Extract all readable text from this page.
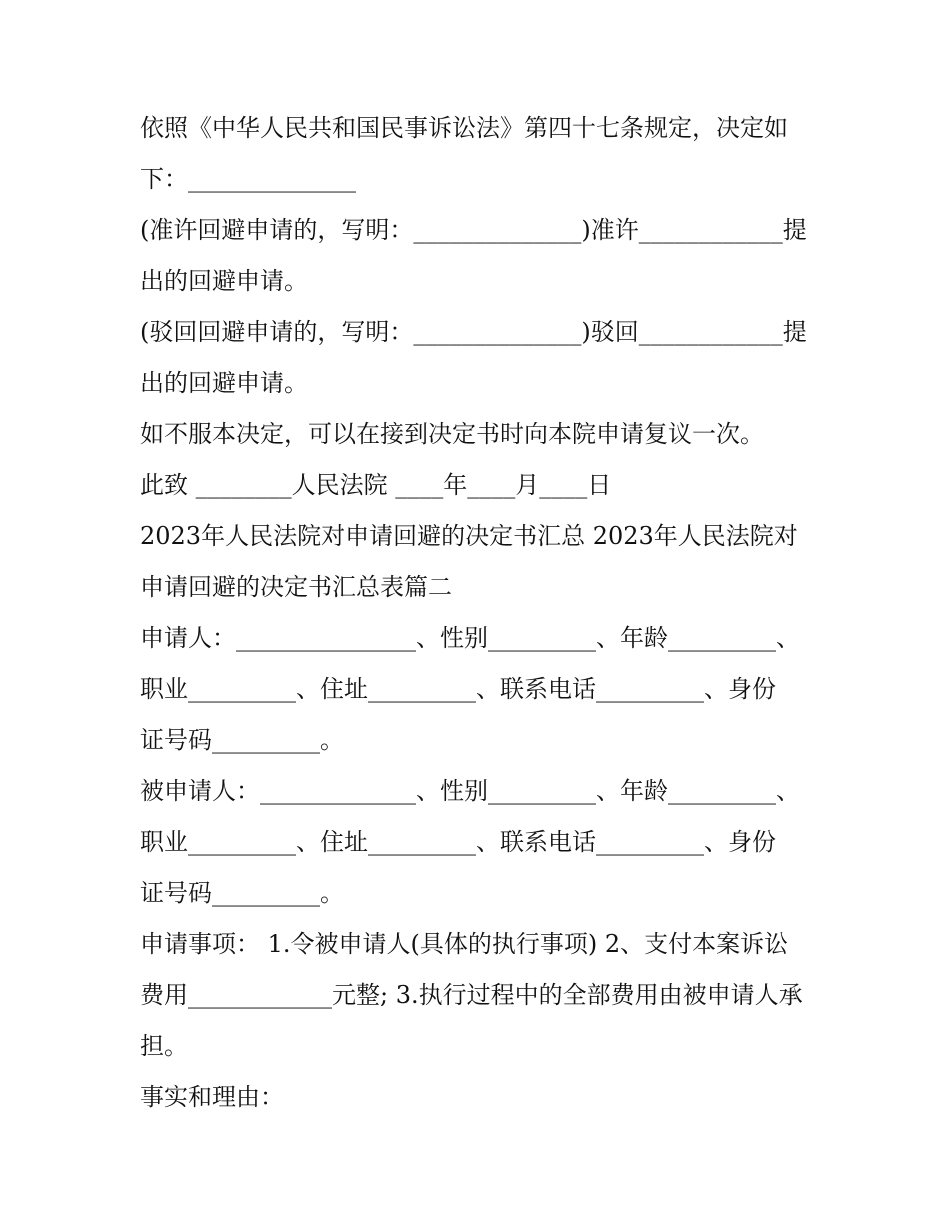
依照《中华人民共和国民事诉讼法》第四十七条规定，决定如
下：______________
(准许回避申请的，写明：______________)准许____________提
出的回避申请。
(驳回回避申请的，写明：______________)驳回____________提
出的回避申请。
如不服本决定，可以在接到决定书时向本院申请复议一次。
此致 ________人民法院 ____年____月____日
2023年人民法院对申请回避的决定书汇总 2023年人民法院对
申请回避的决定书汇总表篇二
申请人：_______________、性别_________、年龄_________、
职业_________、住址_________、联系电话_________、身份
证号码_________。
被申请人：_____________、性别_________、年龄_________、
职业_________、住址_________、联系电话_________、身份
证号码_________。
申请事项： 1.令被申请人(具体的执行事项) 2、支付本案诉讼
费用____________元整; 3.执行过程中的全部费用由被申请人承
担。
事实和理由：
